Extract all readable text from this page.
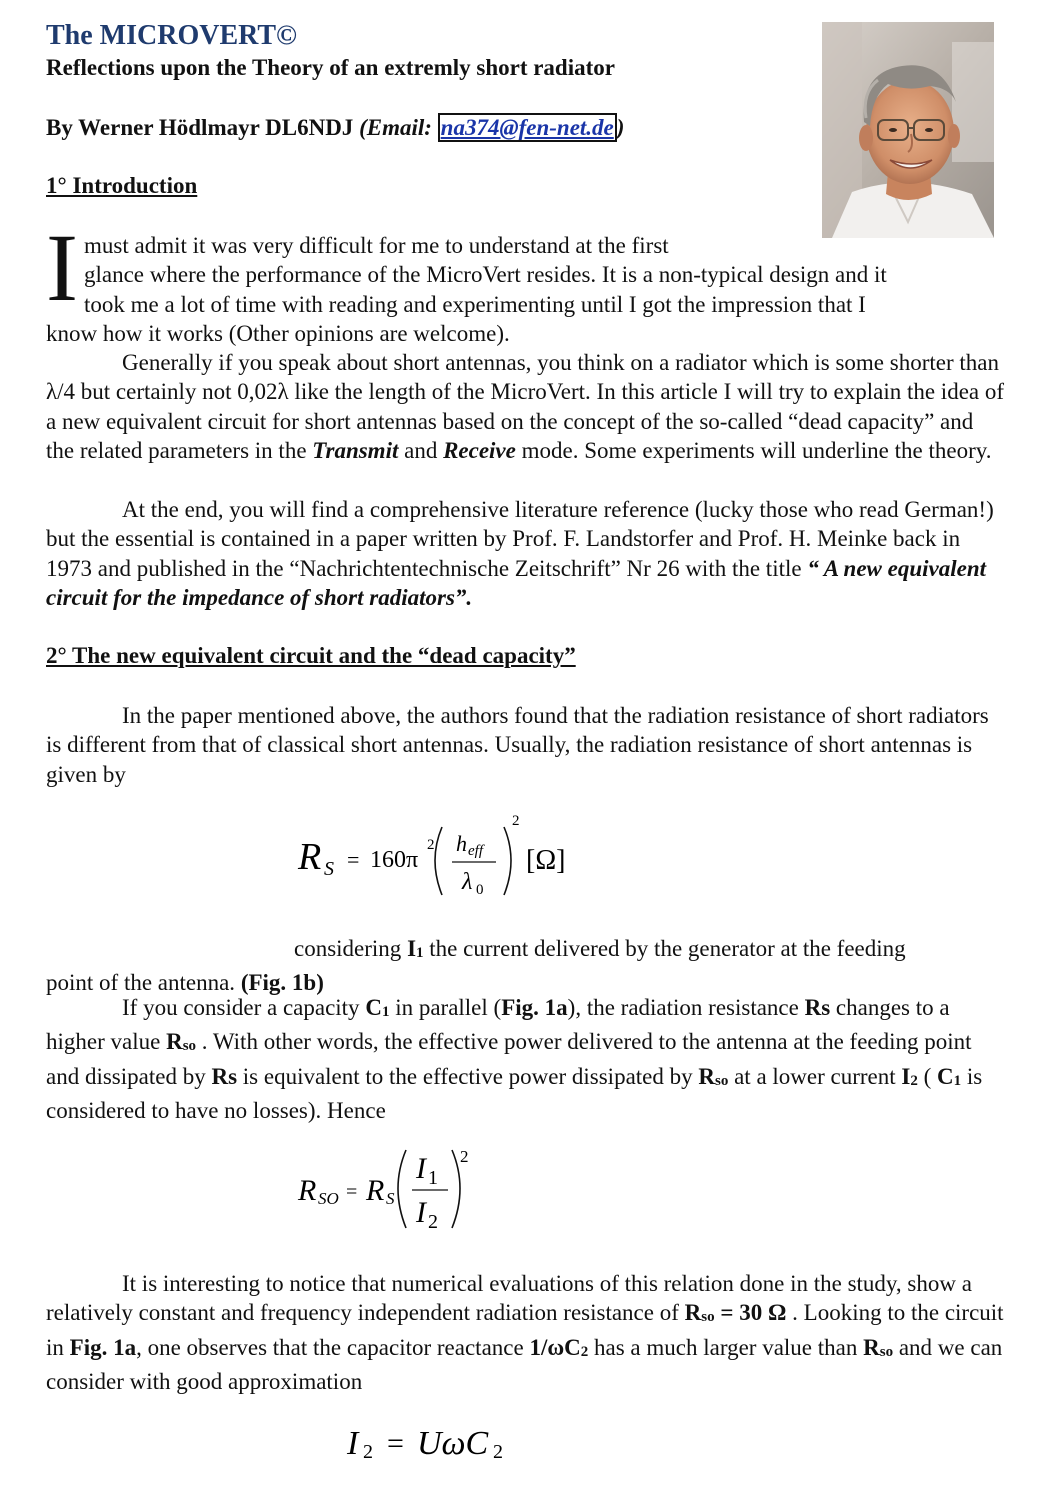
The MICROVERT©
Reflections upon the Theory of an extremly short radiator
By Werner Hödlmayr DL6NDJ (Email: na374@fen-net.de )
1° Introduction
I must admit it was very difficult for me to understand at the first
glance where the performance of the MicroVert resides. It is a non-typical design and it
took me a lot of time with reading and experimenting until I got the impression that I

know how it works (Other opinions are welcome).

Generally if you speak about short antennas, you think on a radiator which is some shorter than λ/4 but certainly not 0,02λ like the length of the MicroVert. In this article I will try to explain the idea of a new equivalent circuit for short antennas based on the concept of the so-called “dead capacity” and the related parameters in the Transmit and Receive mode. Some experiments will underline the theory.

At the end, you will find a comprehensive literature reference (lucky those who read German!) but the essential is contained in a paper written by Prof. F. Landstorfer and Prof. H. Meinke back in 1973 and published in the “Nachrichtentechnische Zeitschrift” Nr 26 with the title “ A new equivalent circuit for the impedance of short radiators”.

2° The new equivalent circuit and the “dead capacity”

In the paper mentioned above, the authors found that the radiation resistance of short radiators is different from that of classical short antennas. Usually, the radiation resistance of short antennas is given by

R S = 160π
2 h eff
λ 0
2
[Ω]

considering I1 the current delivered by the generator at the feeding
point of the antenna. (Fig. 1b)

If you consider a capacity C1 in parallel (Fig. 1a), the radiation resistance Rs changes to a higher value Rso . With other words, the effective power delivered to the antenna at the feeding point and dissipated by Rs is equivalent to the effective power dissipated by Rso at a lower current I2 ( C1 is considered to have no losses). Hence

R SO = R S
I 1
I 2
2

It is interesting to notice that numerical evaluations of this relation done in the study, show a relatively constant and frequency independent radiation resistance of Rso = 30 Ω . Looking to the circuit in Fig. 1a, one observes that the capacitor reactance 1/ωC2 has a much larger value than Rso and we can consider with good approximation

I 2 = UωC 2
